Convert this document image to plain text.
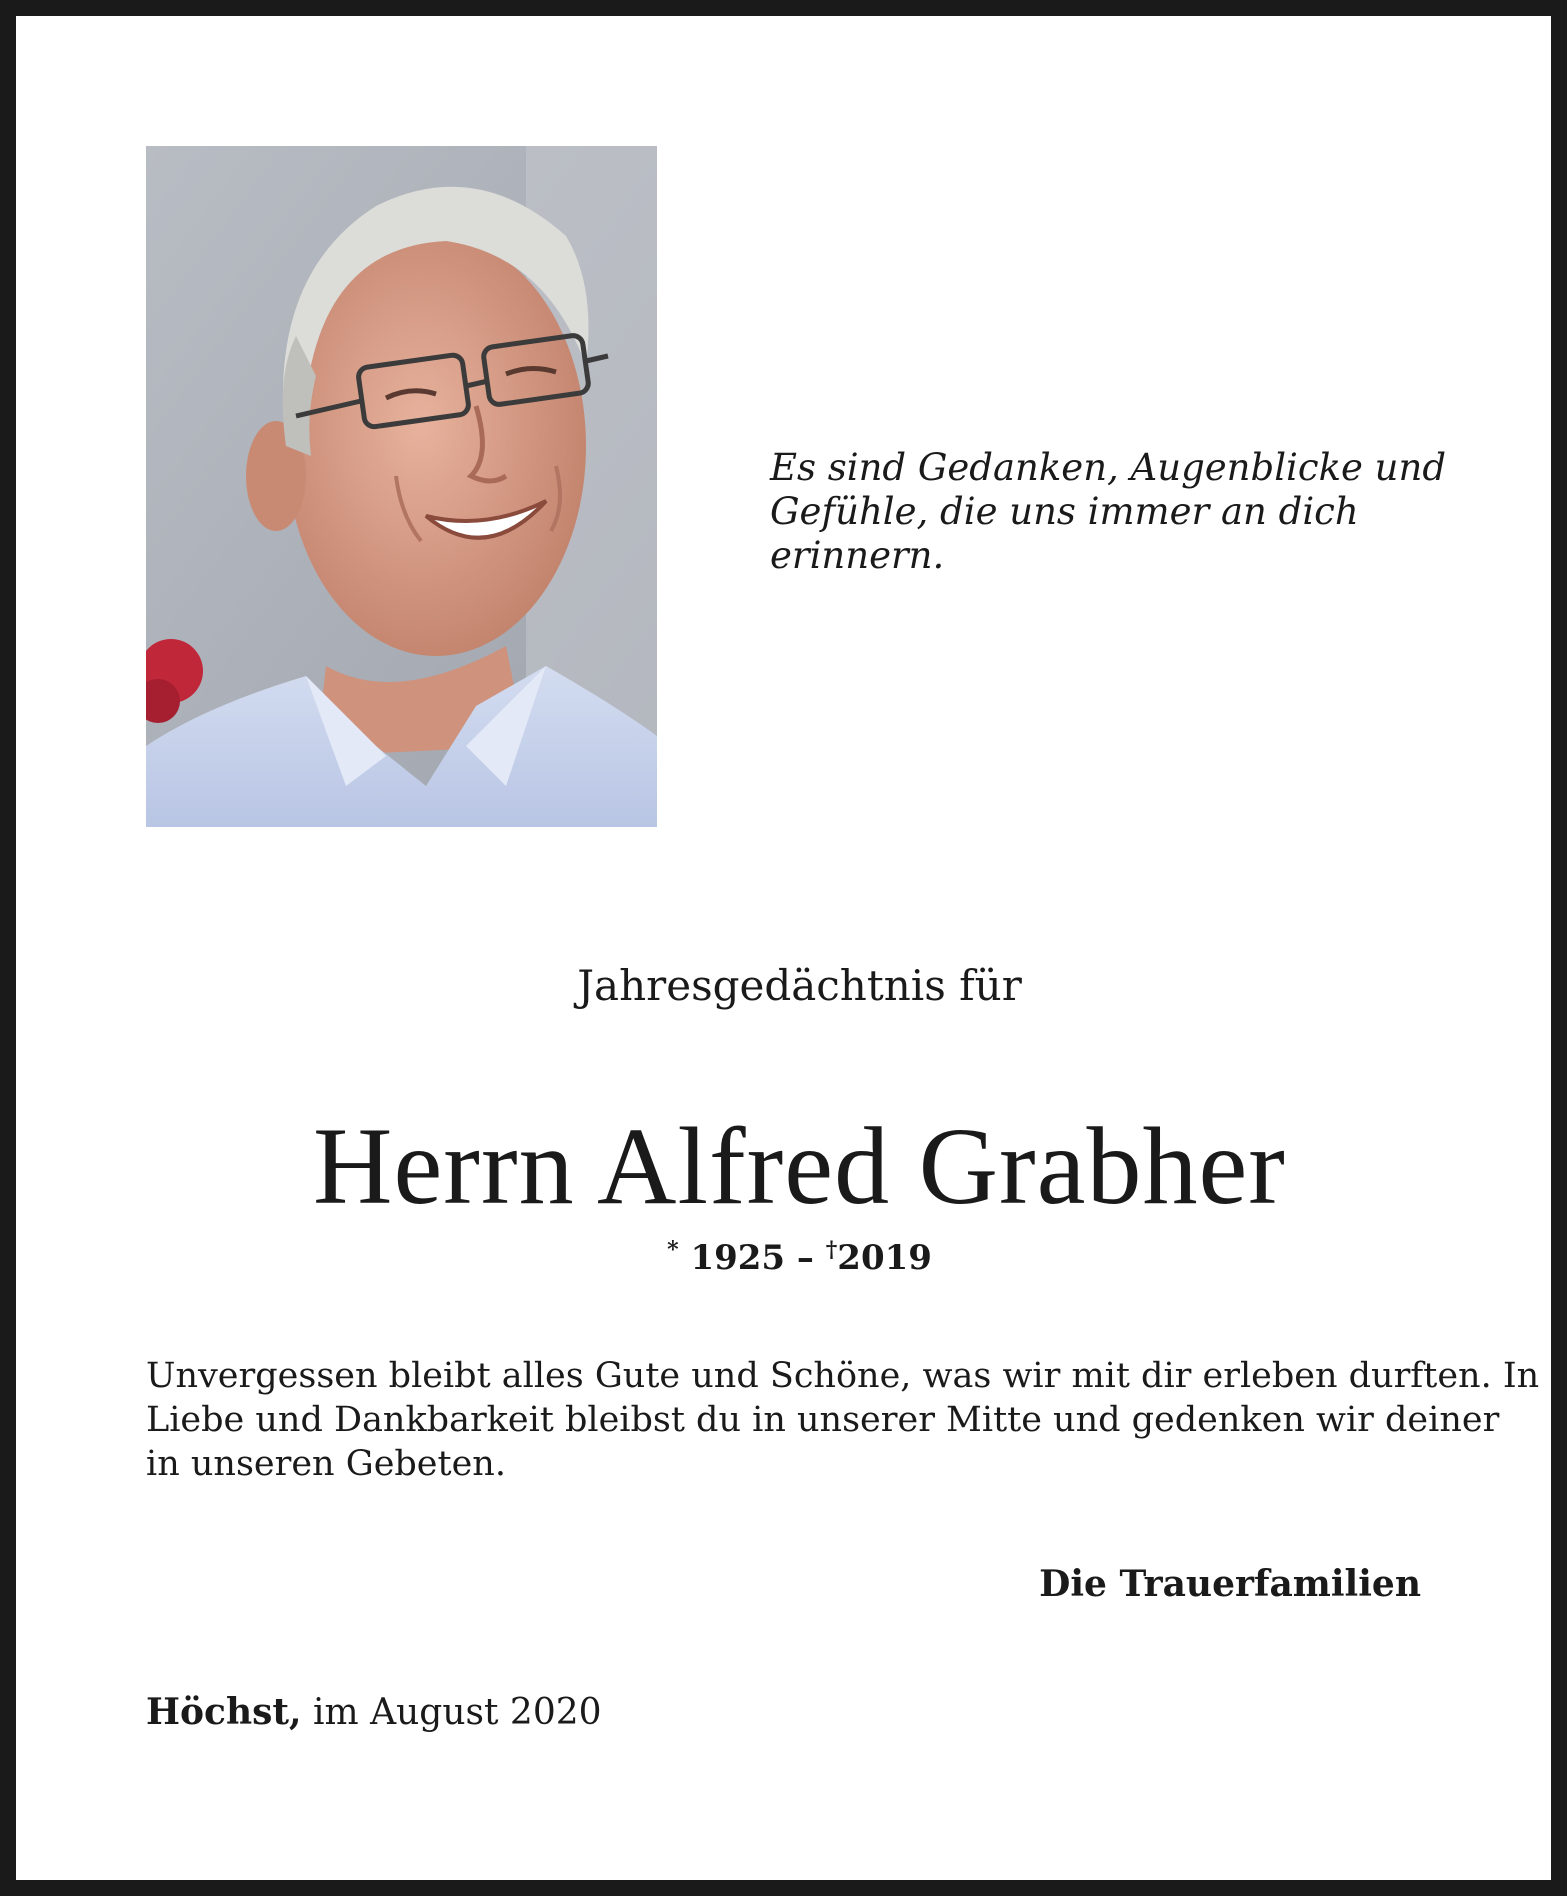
Es sind Gedanken, Augenblicke und
Gefühle, die uns immer an dich erinnern.
Jahresgedächtnis für
Herrn Alfred Grabher
* 1925 – †2019
Unvergessen bleibt alles Gute und Schöne, was wir mit dir erleben durften. In
Liebe und Dankbarkeit bleibst du in unserer Mitte und gedenken wir deiner
in unseren Gebeten.
Die Trauerfamilien
Höchst, im August 2020
